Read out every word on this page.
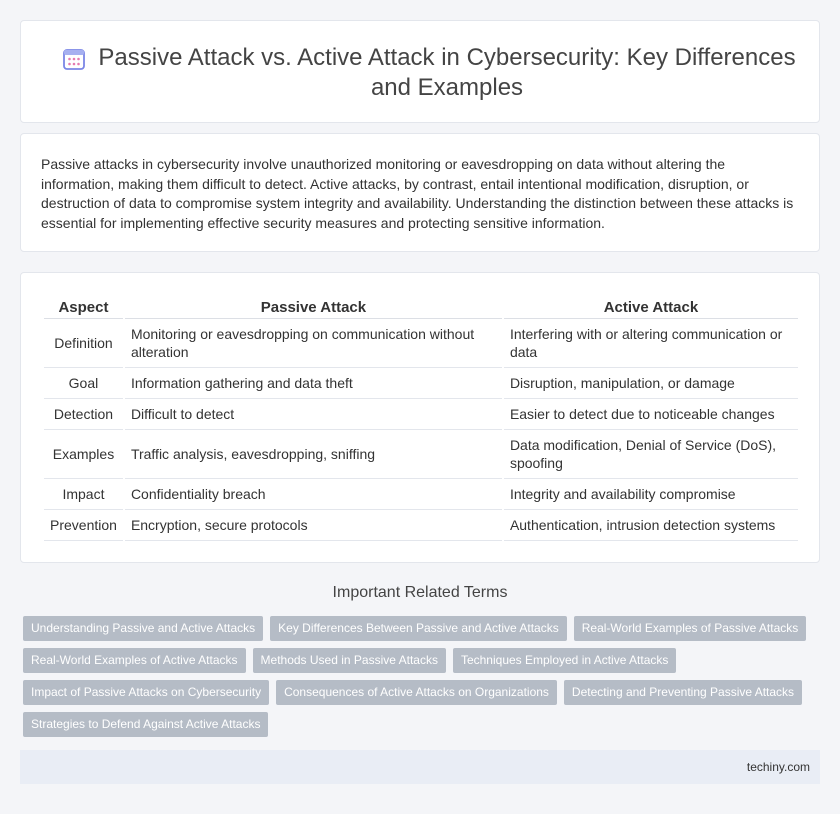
Passive Attack vs. Active Attack in Cybersecurity: Key Differences and Examples

Passive attacks in cybersecurity involve unauthorized monitoring or eavesdropping on data without altering the information, making them difficult to detect. Active attacks, by contrast, entail intentional modification, disruption, or destruction of data to compromise system integrity and availability. Understanding the distinction between these attacks is essential for implementing effective security measures and protecting sensitive information.

Aspect	Passive Attack	Active Attack
Definition	Monitoring or eavesdropping on communication without alteration	Interfering with or altering communication or data
Goal	Information gathering and data theft	Disruption, manipulation, or damage
Detection	Difficult to detect	Easier to detect due to noticeable changes
Examples	Traffic analysis, eavesdropping, sniffing	Data modification, Denial of Service (DoS), spoofing
Impact	Confidentiality breach	Integrity and availability compromise
Prevention	Encryption, secure protocols	Authentication, intrusion detection systems
Important Related Terms
Understanding Passive and Active Attacks	Key Differences Between Passive and Active Attacks	Real-World Examples of Passive Attacks
Real-World Examples of Active Attacks	Methods Used in Passive Attacks	Techniques Employed in Active Attacks
Impact of Passive Attacks on Cybersecurity	Consequences of Active Attacks on Organizations	Detecting and Preventing Passive Attacks
Strategies to Defend Against Active Attacks
techiny.com
